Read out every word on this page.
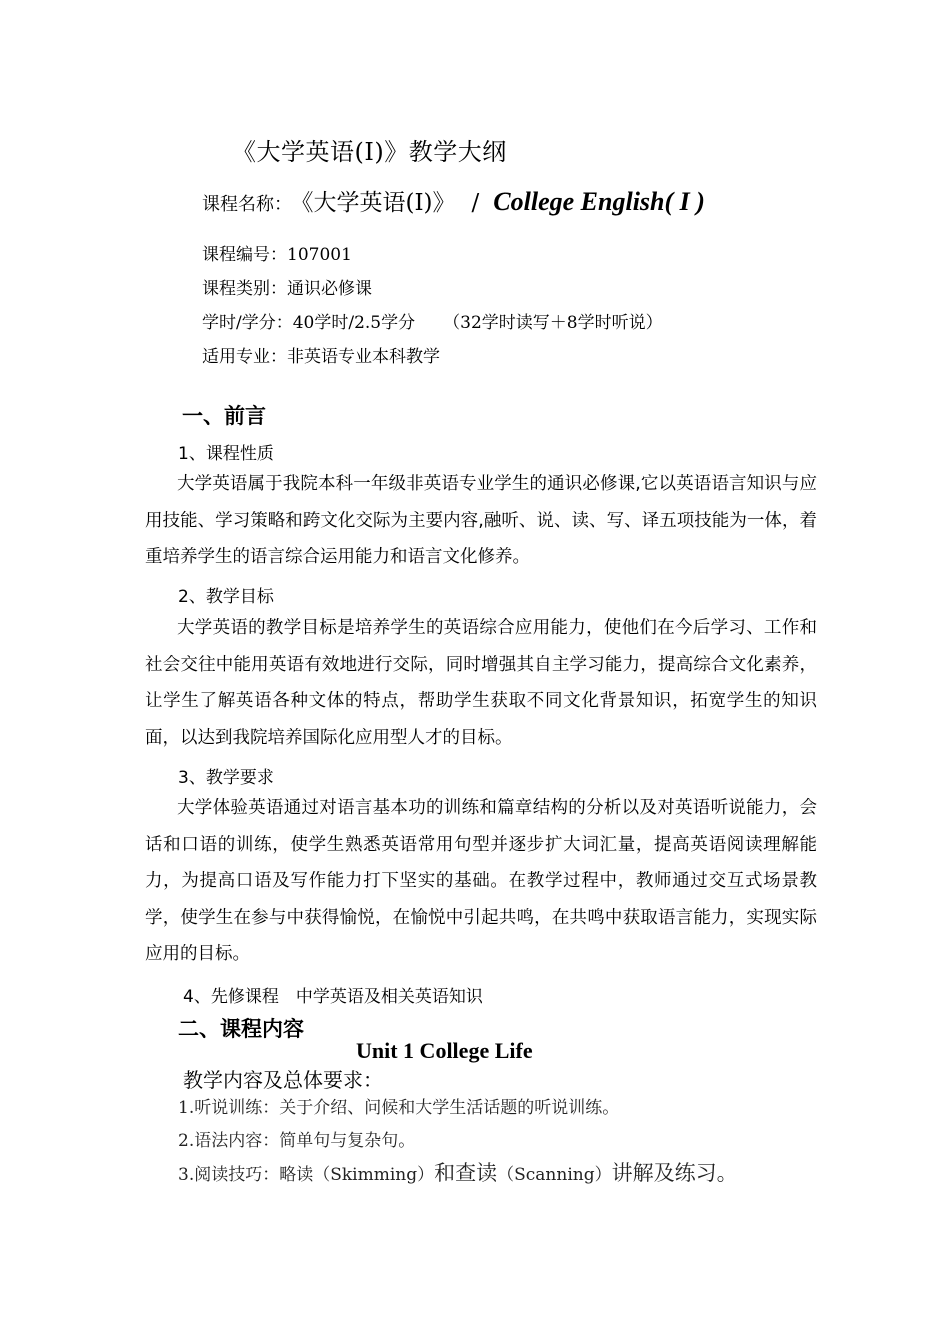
《大学英语(I)》教学大纲
课程名称： 《大学英语(I)》 / College English( I )
课程编号：107001
课程类别：通识必修课
学时/学分：40学时/2.5学分 （32学时读写＋8学时听说）
适用专业：非英语专业本科教学
一、前言
1、课程性质
大学英语属于我院本科一年级非英语专业学生的通识必修课,它以英语语言知识与应用技能、学习策略和跨文化交际为主要内容,融听、说、读、写、译五项技能为一体，着重培养学生的语言综合运用能力和语言文化修养。
2、教学目标
大学英语的教学目标是培养学生的英语综合应用能力，使他们在今后学习、工作和社会交往中能用英语有效地进行交际，同时增强其自主学习能力，提高综合文化素养，让学生了解英语各种文体的特点，帮助学生获取不同文化背景知识，拓宽学生的知识面，以达到我院培养国际化应用型人才的目标。
3、教学要求
大学体验英语通过对语言基本功的训练和篇章结构的分析以及对英语听说能力，会话和口语的训练，使学生熟悉英语常用句型并逐步扩大词汇量，提高英语阅读理解能力，为提高口语及写作能力打下坚实的基础。在教学过程中，教师通过交互式场景教学，使学生在参与中获得愉悦，在愉悦中引起共鸣，在共鸣中获取语言能力，实现实际应用的目标。
4、先修课程　中学英语及相关英语知识
二、课程内容
Unit 1 College Life
教学内容及总体要求：
1.听说训练：关于介绍、问候和大学生活话题的听说训练。
2.语法内容：简单句与复杂句。
3.阅读技巧：略读（Skimming）和查读（Scanning）讲解及练习。
